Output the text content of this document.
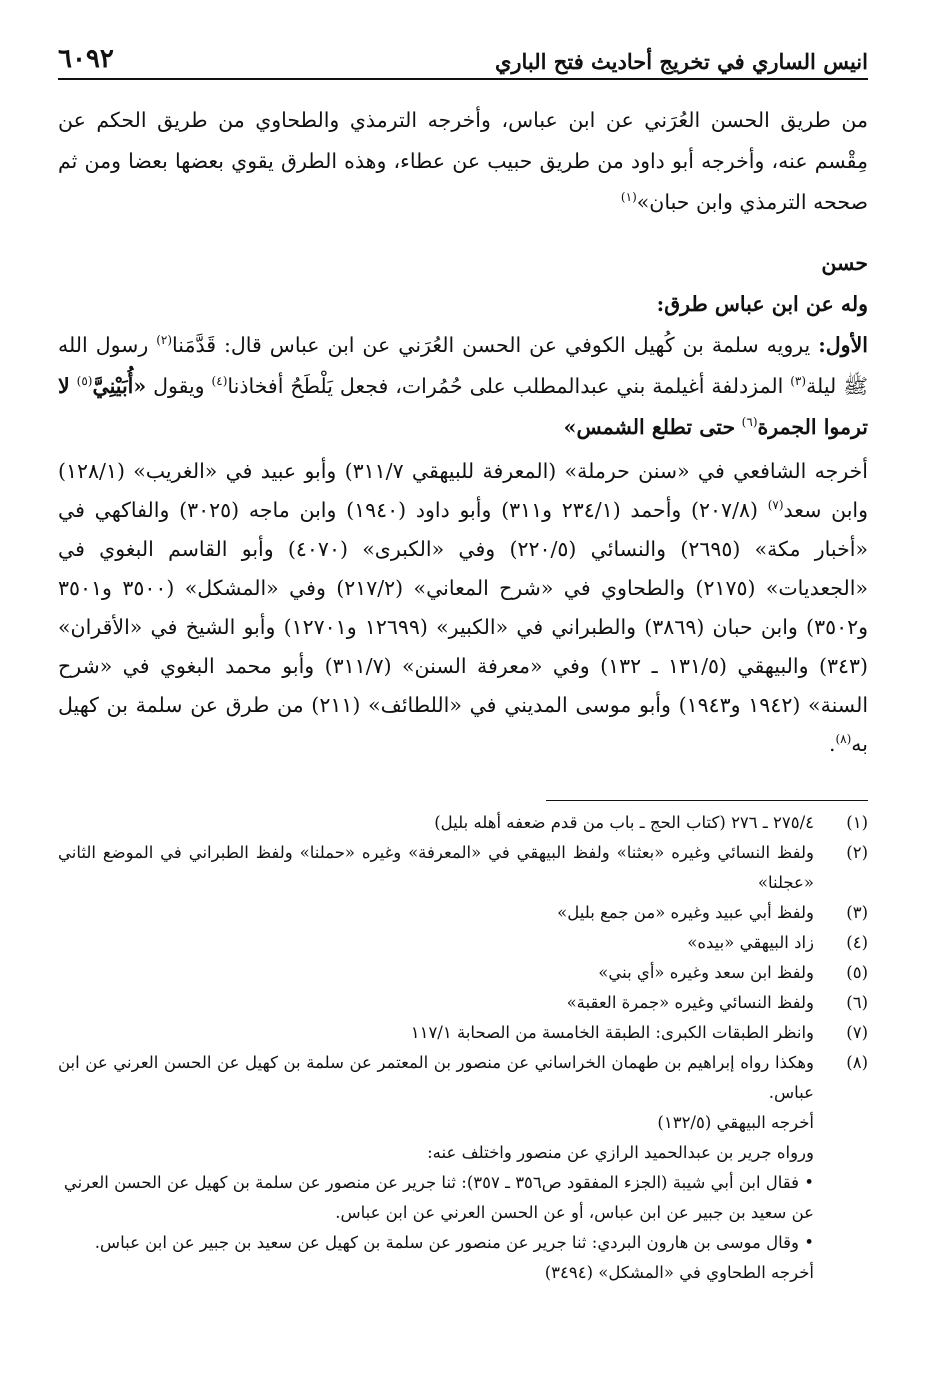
انيس الساري في تخريج أحاديث فتح الباري
٦٠٩٢

من طريق الحسن العُرَني عن ابن عباس، وأخرجه الترمذي والطحاوي من طريق الحكم عن مِقْسم عنه، وأخرجه أبو داود من طريق حبيب عن عطاء، وهذه الطرق يقوي بعضها بعضا ومن ثم صححه الترمذي وابن حبان»$^{(١)}$

حسن

وله عن ابن عباس طرق:

الأول: يرويه سلمة بن كُهيل الكوفي عن الحسن العُرَني عن ابن عباس قال: قَدَّمَنا$^{(٢)}$ رسول الله ﷺ ليلة$^{(٣)}$ المزدلفة أغيلمة بني عبدالمطلب على حُمُرات، فجعل يَلْطَحُ أفخاذنا$^{(٤)}$ ويقول «أُبَيْنِيَّ$^{(٥)}$ لا ترموا الجمرة$^{(٦)}$ حتى تطلع الشمس»

أخرجه الشافعي في «سنن حرملة» (المعرفة للبيهقي ٣١١/٧) وأبو عبيد في «الغريب» (١٢٨/١) وابن سعد$^{(٧)}$ (٢٠٧/٨) وأحمد (٢٣٤/١ و٣١١) وأبو داود (١٩٤٠) وابن ماجه (٣٠٢٥) والفاكهي في «أخبار مكة» (٢٦٩٥) والنسائي (٢٢٠/٥) وفي «الكبرى» (٤٠٧٠) وأبو القاسم البغوي في «الجعديات» (٢١٧٥) والطحاوي في «شرح المعاني» (٢١٧/٢) وفي «المشكل» (٣٥٠٠ و٣٥٠١ و٣٥٠٢) وابن حبان (٣٨٦٩) والطبراني في «الكبير» (١٢٦٩٩ و١٢٧٠١) وأبو الشيخ في «الأقران» (٣٤٣) والبيهقي (١٣١/٥ ـ ١٣٢) وفي «معرفة السنن» (٣١١/٧) وأبو محمد البغوي في «شرح السنة» (١٩٤٢ و١٩٤٣) وأبو موسى المديني في «اللطائف» (٢١١) من طرق عن سلمة بن كهيل به$^{(٨)}$.

(١)
٢٧٥/٤ ـ ٢٧٦ (كتاب الحج ـ باب من قدم ضعفه أهله بليل)
(٢)
ولفظ النسائي وغيره «بعثنا» ولفظ البيهقي في «المعرفة» وغيره «حملنا» ولفظ الطبراني في الموضع الثاني «عجلنا»
(٣)
ولفظ أبي عبيد وغيره «من جمع بليل»
(٤)
زاد البيهقي «بيده»
(٥)
ولفظ ابن سعد وغيره «أي بني»
(٦)
ولفظ النسائي وغيره «جمرة العقبة»
(٧)
وانظر الطبقات الكبرى: الطبقة الخامسة من الصحابة ١١٧/١
(٨)
وهكذا رواه إبراهيم بن طهمان الخراساني عن منصور بن المعتمر عن سلمة بن كهيل عن الحسن العرني عن ابن عباس.
أخرجه البيهقي (١٣٢/٥)
ورواه جرير بن عبدالحميد الرازي عن منصور واختلف عنه:
• فقال ابن أبي شيبة (الجزء المفقود ص٣٥٦ ـ ٣٥٧): ثنا جرير عن منصور عن سلمة بن كهيل عن الحسن العرني عن سعيد بن جبير عن ابن عباس، أو عن الحسن العرني عن ابن عباس.
• وقال موسى بن هارون البردي: ثنا جرير عن منصور عن سلمة بن كهيل عن سعيد بن جبير عن ابن عباس.
أخرجه الطحاوي في «المشكل» (٣٤٩٤)
